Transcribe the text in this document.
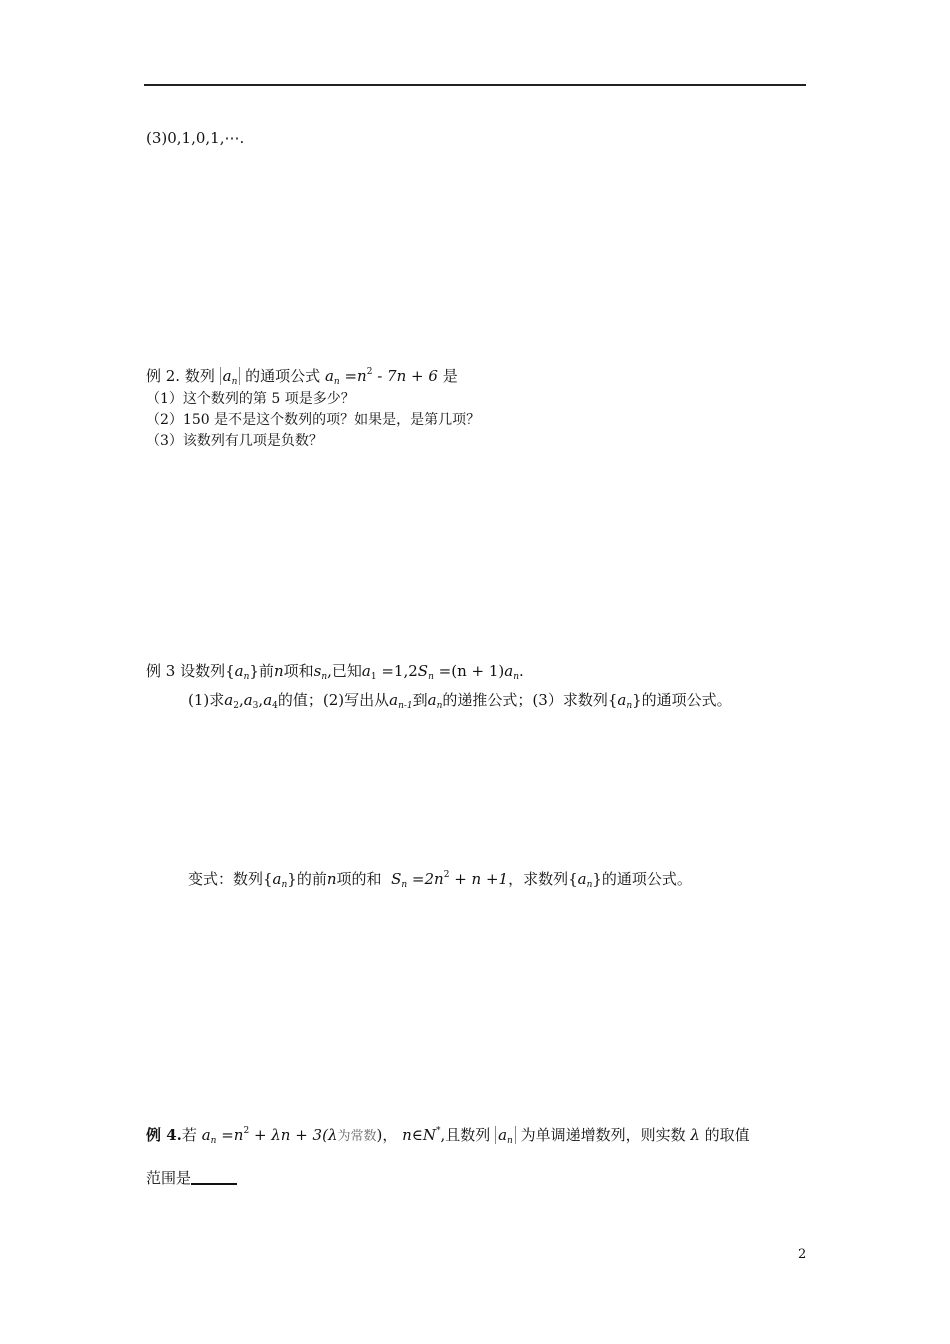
(3)0,1,0,1,⋯.
例 2. 数列 $a_n$ 的通项公式 $a_n =n^2 - 7n + 6$ 是
（1）这个数列的第 5 项是多少？
（2）150 是不是这个数列的项？如果是，是第几项？
（3）该数列有几项是负数？
例 3 设数列$\{a_n\}$前n项和$s_n$,已知$a_1 =1,2S_n =(n + 1)a_n$.
(1)求$a_2,a_3,a_4$的值；(2)写出从$a_{n-1}$到$a_n$的递推公式；(3）求数列$\{a_n\}$的通项公式。
变式：数列$\{a_n\}$的前n项的和 $S_n =2n^2 + n +1$，求数列$\{a_n\}$的通项公式。
例 4.若 $a_n =n^2 + \lambda n + 3(\lambda$为常数)， n∈N*,且数列 $a_n$ 为单调递增数列，则实数 λ 的取值
范围是
2
